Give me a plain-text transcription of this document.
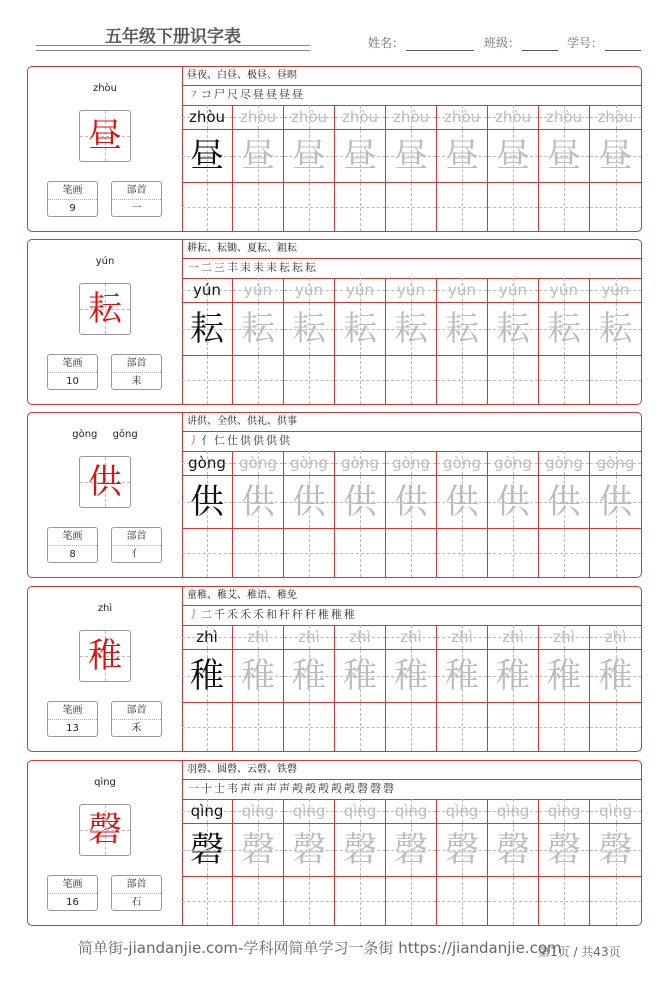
五年级下册识字表	姓名：	班级：	学号：
zhòu
昼
笔画
9
部首
一
昼夜、白昼、极昼、昼暝
㇇コ尸尺尽昼昼昼昼
zhòu zhòu zhòu zhòu zhòu zhòu zhòu zhòu	zhòu
昼 昼 昼 昼 昼 昼 昼 昼 昼
yún
耘
笔画
10
部首
耒
耕耘、耘锄、夏耘、鉏耘
一二三丰耒耒耒耘耘耘
yún	yún	yún	yún	yún	yún	yún	yún	yún
耘 耘 耘 耘 耘 耘 耘 耘 耘
gòng gōng
供
笔画
8
部首
亻
讲供、全供、供礼、供事
丿亻仁仕供供供供
gòng gòng gòng gòng gòng gòng gòng gòng gòng
供 供 供 供 供 供 供 供 供
zhì
稚
笔画
13
部首
禾
童稚、稚艾、稚语、稚免
丿二千禾禾禾和秆秆秆稚稚稚
zhì	zhì	zhì	zhì	zhì	zhì	zhì	zhì	zhì
稚 稚 稚 稚 稚 稚 稚 稚 稚
qìng
磬
笔画
16
部首
石
羽磬、圆磬、云磬、铁磬
一十士韦声声声声殸殸殸殸殸磬磬磬
qìng	qìng	qìng	qìng	qìng	qìng	qìng	qìng	qìng
磬 磬 磬 磬 磬 磬 磬 磬 磬
简单街-jiandanjie.com-学科网简单学习一条街 https://jiandanjie.com
第1页 / 共43页
